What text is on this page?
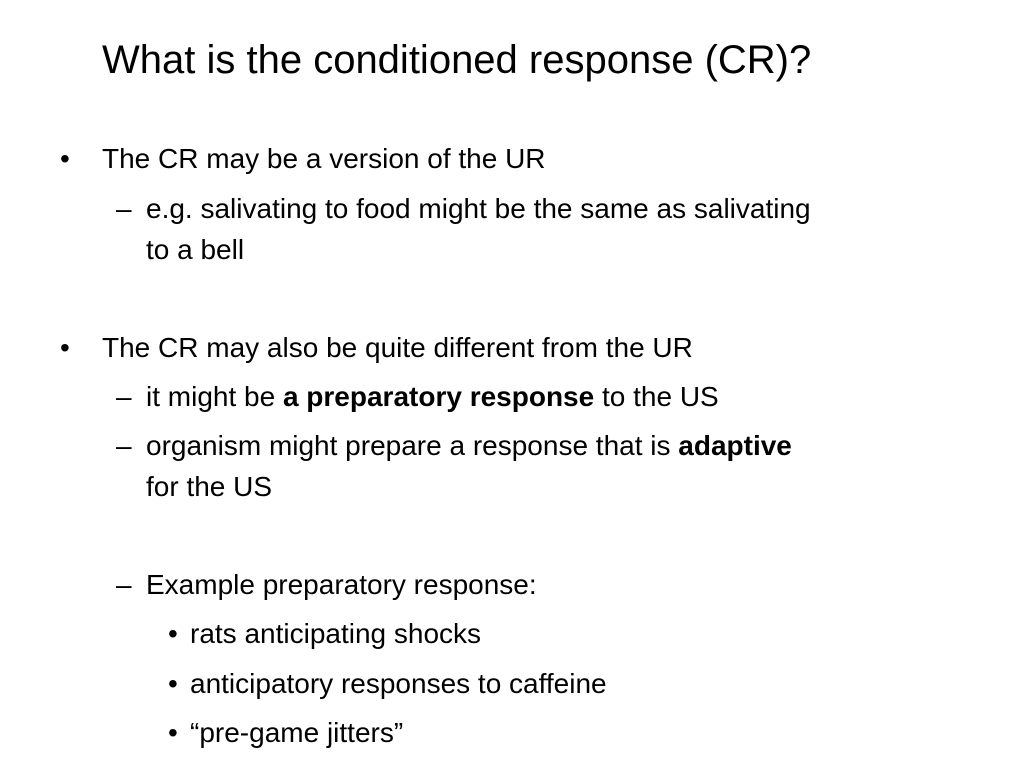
What is the conditioned response (CR)?
• The CR may be a version of the UR
– e.g. salivating to food might be the same as salivating
to a bell
• The CR may also be quite different from the UR
– it might be a preparatory response to the US
– organism might prepare a response that is adaptive
for the US
– Example preparatory response:
• rats anticipating shocks
• anticipatory responses to caffeine
• “pre-game jitters”
